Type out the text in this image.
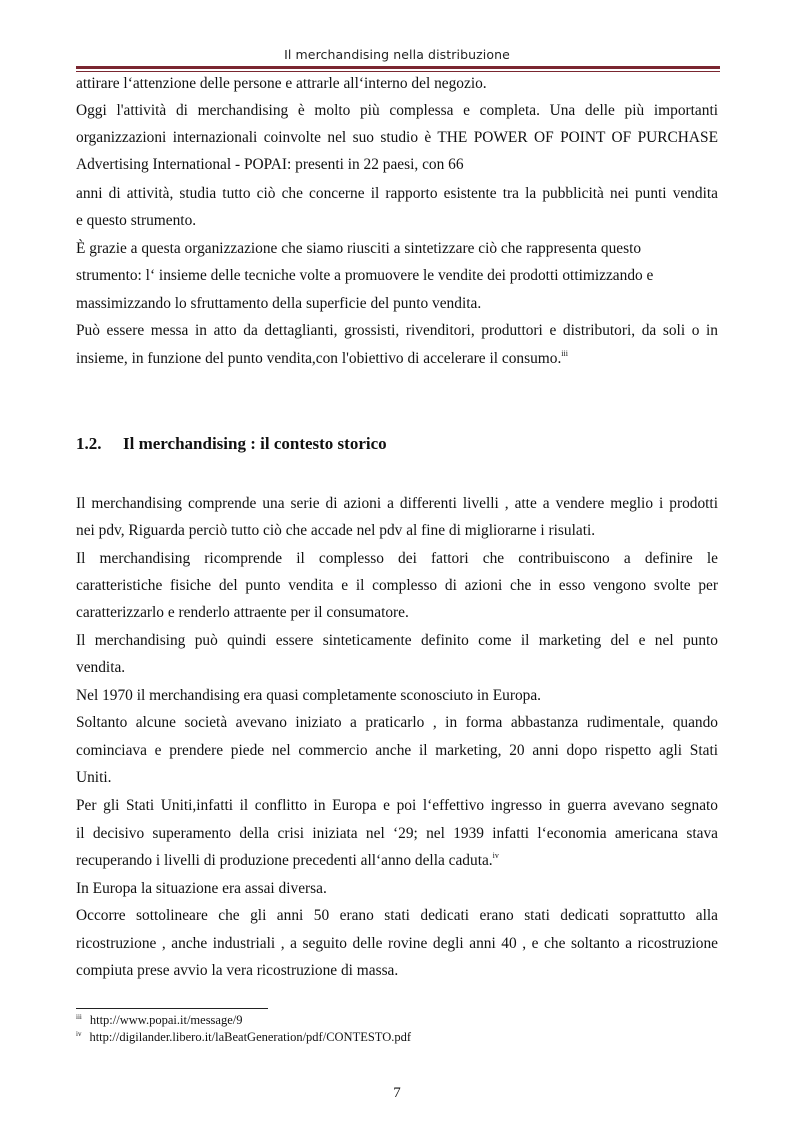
Il merchandising nella distribuzione
attirare l‘attenzione delle persone e attrarle all‘interno del negozio.
Oggi l'attività di merchandising è molto più complessa e completa. Una delle più importanti
organizzazioni internazionali coinvolte nel suo studio è THE POWER OF POINT OF PURCHASE
Advertising International - POPAI: presenti in 22 paesi, con 66
anni di attività, studia tutto ciò che concerne il rapporto esistente tra la pubblicità nei punti vendita
e questo strumento.
È grazie a questa organizzazione che siamo riusciti a sintetizzare ciò che rappresenta questo
strumento: l‘ insieme delle tecniche volte a promuovere le vendite dei prodotti ottimizzando e
massimizzando lo sfruttamento della superficie del punto vendita.
Può essere messa in atto da dettaglianti, grossisti, rivenditori, produttori e distributori, da soli o in
insieme, in funzione del punto vendita,con l'obiettivo di accelerare il consumo.$^{iii}$
1.2. Il merchandising : il contesto storico
Il merchandising comprende una serie di azioni a differenti livelli , atte a vendere meglio i prodotti
nei pdv, Riguarda perciò tutto ciò che accade nel pdv al fine di migliorarne i risulati.
Il merchandising ricomprende il complesso dei fattori che contribuiscono a definire le
caratteristiche fisiche del punto vendita e il complesso di azioni che in esso vengono svolte per
caratterizzarlo e renderlo attraente per il consumatore.
Il merchandising può quindi essere sinteticamente definito come il marketing del e nel punto
vendita.
Nel 1970 il merchandising era quasi completamente sconosciuto in Europa.
Soltanto alcune società avevano iniziato a praticarlo , in forma abbastanza rudimentale, quando
cominciava e prendere piede nel commercio anche il marketing, 20 anni dopo rispetto agli Stati
Uniti.
Per gli Stati Uniti,infatti il conflitto in Europa e poi l‘effettivo ingresso in guerra avevano segnato
il decisivo superamento della crisi iniziata nel ‘29; nel 1939 infatti l‘economia americana stava
recuperando i livelli di produzione precedenti all‘anno della caduta.$^{iv}$
In Europa la situazione era assai diversa.
Occorre sottolineare che gli anni 50 erano stati dedicati erano stati dedicati soprattutto alla
ricostruzione , anche industriali , a seguito delle rovine degli anni 40 , e che soltanto a ricostruzione
compiuta prese avvio la vera ricostruzione di massa.
$^{iii}$ http://www.popai.it/message/9
$^{iv}$ http://digilander.libero.it/laBeatGeneration/pdf/CONTESTO.pdf
7
